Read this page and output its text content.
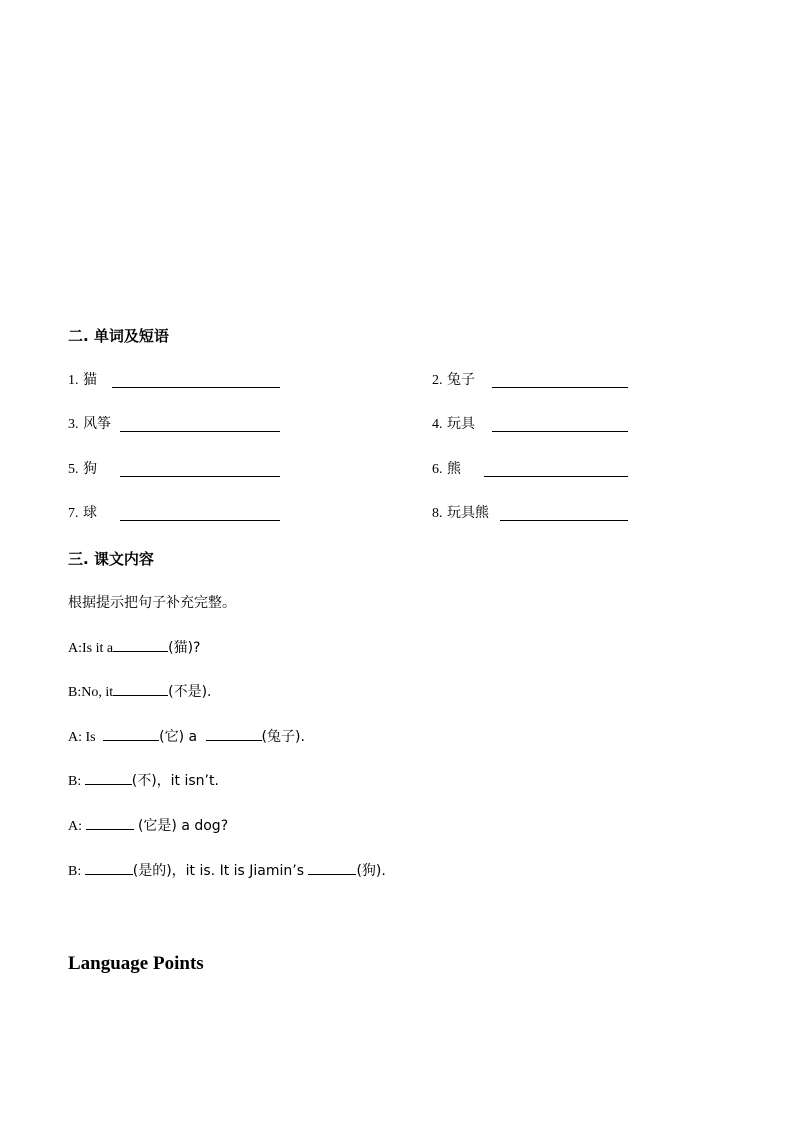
二. 单词及短语
1. 猫	2. 兔子
3. 风筝	4. 玩具
5. 狗	6. 熊
7. 球	8. 玩具熊
三. 课文内容
根据提示把句子补充完整。
A:Is it a	(猫)?
B:No, it	(不是).
A: Is	(它) a	(兔子).
B:	(不)，it isn’t.
A:	(它是) a dog?
B:	(是的)，it is. It is Jiamin’s	(狗).
Language Points
